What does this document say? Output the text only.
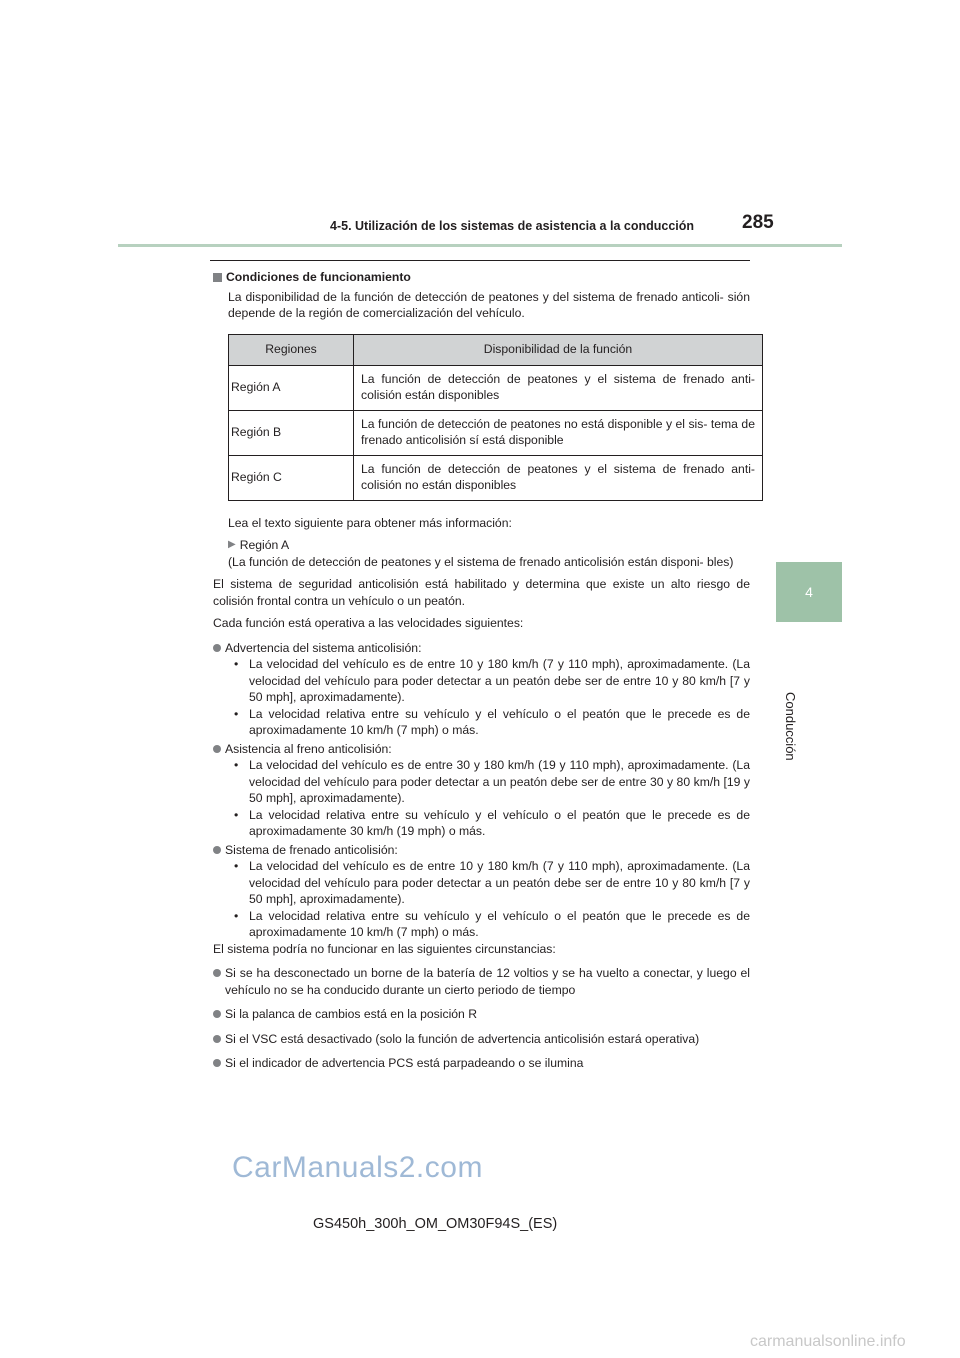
4-5. Utilización de los sistemas de asistencia a la conducción	285
4
Conducción
Condiciones de funcionamiento

La disponibilidad de la función de detección de peatones y del sistema de frenado anticoli- sión depende de la región de comercialización del vehículo.

Regiones	Disponibilidad de la función
Región A	La función de detección de peatones y el sistema de frenado anti- colisión están disponibles
Región B	La función de detección de peatones no está disponible y el sis- tema de frenado anticolisión sí está disponible
Región C	La función de detección de peatones y el sistema de frenado anti- colisión no están disponibles

Lea el texto siguiente para obtener más información:

▶ Región A

(La función de detección de peatones y el sistema de frenado anticolisión están disponi- bles)

El sistema de seguridad anticolisión está habilitado y determina que existe un alto riesgo de colisión frontal contra un vehículo o un peatón.

Cada función está operativa a las velocidades siguientes:

Advertencia del sistema anticolisión:
• La velocidad del vehículo es de entre 10 y 180 km/h (7 y 110 mph), aproximadamente. (La velocidad del vehículo para poder detectar a un peatón debe ser de entre 10 y 80 km/h [7 y 50 mph], aproximadamente).
• La velocidad relativa entre su vehículo y el vehículo o el peatón que le precede es de aproximadamente 10 km/h (7 mph) o más.
Asistencia al freno anticolisión:
• La velocidad del vehículo es de entre 30 y 180 km/h (19 y 110 mph), aproximadamente. (La velocidad del vehículo para poder detectar a un peatón debe ser de entre 30 y 80 km/h [19 y 50 mph], aproximadamente).
• La velocidad relativa entre su vehículo y el vehículo o el peatón que le precede es de aproximadamente 30 km/h (19 mph) o más.
Sistema de frenado anticolisión:
• La velocidad del vehículo es de entre 10 y 180 km/h (7 y 110 mph), aproximadamente. (La velocidad del vehículo para poder detectar a un peatón debe ser de entre 10 y 80 km/h [7 y 50 mph], aproximadamente).
• La velocidad relativa entre su vehículo y el vehículo o el peatón que le precede es de aproximadamente 10 km/h (7 mph) o más.

El sistema podría no funcionar en las siguientes circunstancias:

Si se ha desconectado un borne de la batería de 12 voltios y se ha vuelto a conectar, y luego el vehículo no se ha conducido durante un cierto periodo de tiempo
Si la palanca de cambios está en la posición R
Si el VSC está desactivado (solo la función de advertencia anticolisión estará operativa)
Si el indicador de advertencia PCS está parpadeando o se ilumina
CarManuals2.com
GS450h_300h_OM_OM30F94S_(ES)
carmanualsonline.info
